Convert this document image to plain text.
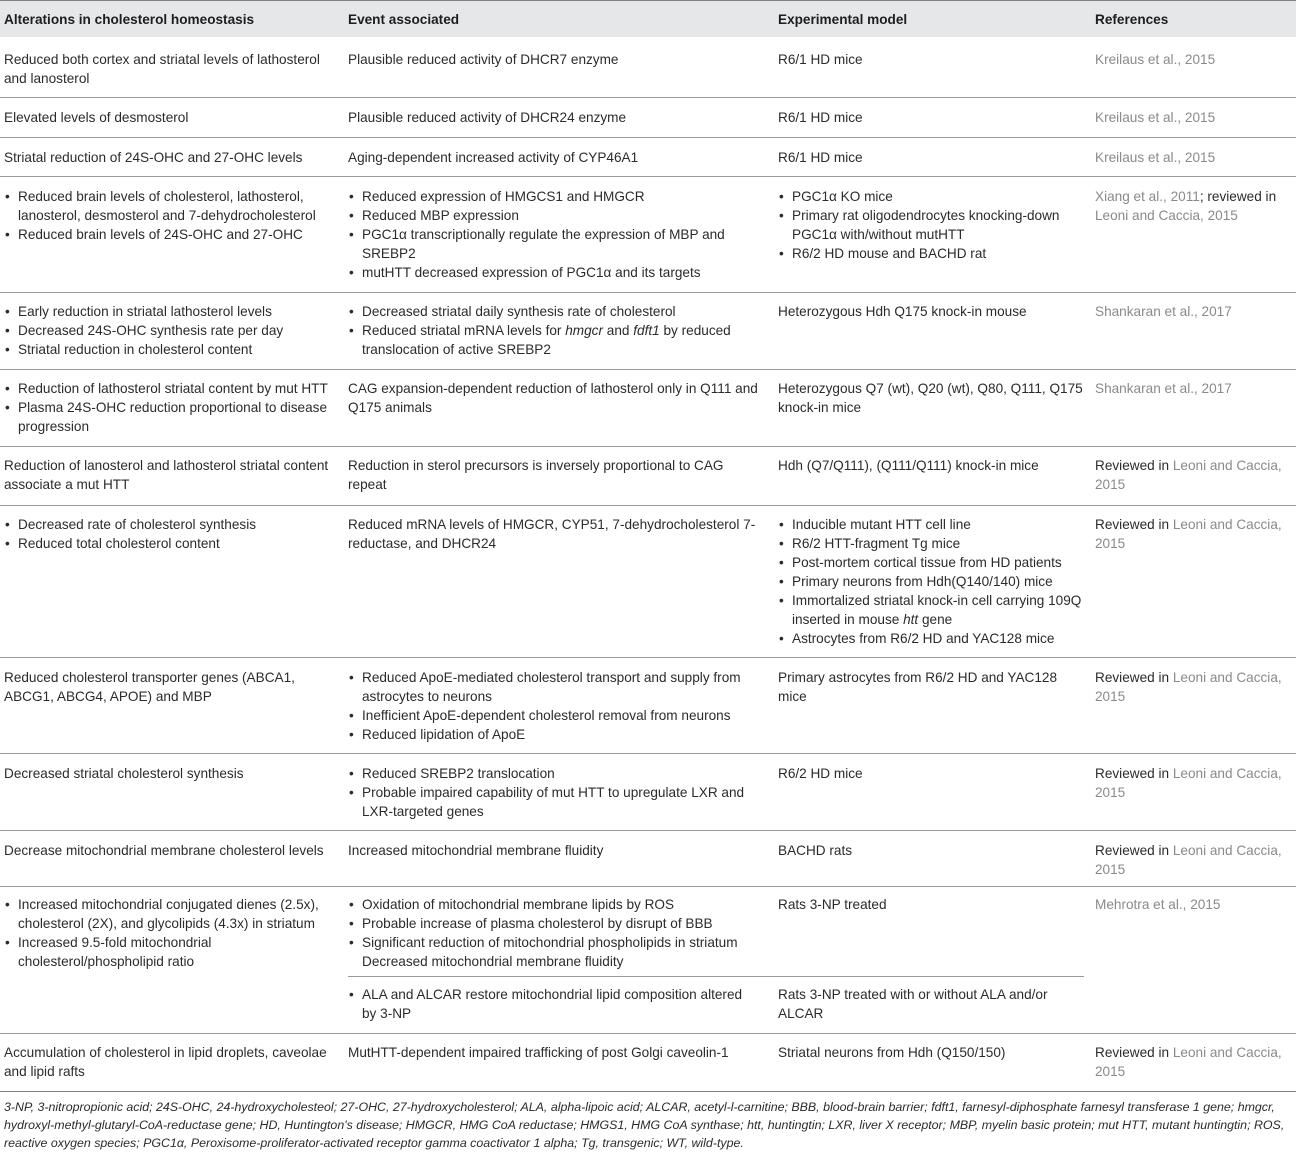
Alterations in cholesterol homeostasis	Event associated	Experimental model	References
Reduced both cortex and striatal levels of lathosterol and lanosterol
Plausible reduced activity of DHCR7 enzyme	R6/1 HD mice	Kreilaus et al., 2015
Elevated levels of desmosterol	Plausible reduced activity of DHCR24 enzyme	R6/1 HD mice	Kreilaus et al., 2015
Striatal reduction of 24S-OHC and 27-OHC levels	Aging-dependent increased activity of CYP46A1	R6/1 HD mice	Kreilaus et al., 2015
• Reduced brain levels of cholesterol, lathosterol, lanosterol, desmosterol and 7-dehydrocholesterol
• Reduced brain levels of 24S-OHC and 27-OHC
• Reduced expression of HMGCS1 and HMGCR
• Reduced MBP expression
• PGC1α transcriptionally regulate the expression of MBP and SREBP2
• mutHTT decreased expression of PGC1α and its targets
• PGC1α KO mice
• Primary rat oligodendrocytes knocking-down PGC1α with/without mutHTT
• R6/2 HD mouse and BACHD rat
Xiang et al., 2011; reviewed in Leoni and Caccia, 2015
• Early reduction in striatal lathosterol levels
• Decreased 24S-OHC synthesis rate per day
• Striatal reduction in cholesterol content
• Decreased striatal daily synthesis rate of cholesterol
• Reduced striatal mRNA levels for hmgcr and fdft1 by reduced translocation of active SREBP2
Heterozygous Hdh Q175 knock-in mouse	Shankaran et al., 2017
• Reduction of lathosterol striatal content by mut HTT
• Plasma 24S-OHC reduction proportional to disease progression
CAG expansion-dependent reduction of lathosterol only in Q111 and Q175 animals
Heterozygous Q7 (wt), Q20 (wt), Q80, Q111, Q175 knock-in mice
Shankaran et al., 2017
Reduction of lanosterol and lathosterol striatal content associate a mut HTT
Reduction in sterol precursors is inversely proportional to CAG repeat
Hdh (Q7/Q111), (Q111/Q111) knock-in mice	Reviewed in Leoni and Caccia, 2015
• Decreased rate of cholesterol synthesis
• Reduced total cholesterol content
Reduced mRNA levels of HMGCR, CYP51, 7-dehydrocholesterol 7-reductase, and DHCR24
• Inducible mutant HTT cell line
• R6/2 HTT-fragment Tg mice
• Post-mortem cortical tissue from HD patients
• Primary neurons from Hdh(Q140/140) mice
• Immortalized striatal knock-in cell carrying 109Q inserted in mouse htt gene
• Astrocytes from R6/2 HD and YAC128 mice
Reviewed in Leoni and Caccia, 2015
Reduced cholesterol transporter genes (ABCA1, ABCG1, ABCG4, APOE) and MBP
• Reduced ApoE-mediated cholesterol transport and supply from astrocytes to neurons
• Inefficient ApoE-dependent cholesterol removal from neurons
• Reduced lipidation of ApoE
Primary astrocytes from R6/2 HD and YAC128 mice
Reviewed in Leoni and Caccia, 2015
Decreased striatal cholesterol synthesis
•	Reduced SREBP2 translocation
• Probable impaired capability of mut HTT to upregulate LXR and LXR-targeted genes
R6/2 HD mice	Reviewed in Leoni and Caccia, 2015
Decrease mitochondrial membrane cholesterol levels	Increased mitochondrial membrane fluidity	BACHD rats	Reviewed in Leoni and Caccia, 2015
• Increased mitochondrial conjugated dienes (2.5x), cholesterol (2X), and glycolipids (4.3x) in striatum
• Increased 9.5-fold mitochondrial cholesterol/phospholipid ratio
• Oxidation of mitochondrial membrane lipids by ROS
• Probable increase of plasma cholesterol by disrupt of BBB
• Significant reduction of mitochondrial phospholipids in striatum Decreased mitochondrial membrane fluidity
Rats 3-NP treated
• ALA and ALCAR restore mitochondrial lipid composition altered by 3-NP
Rats 3-NP treated with or without ALA and/or ALCAR
Mehrotra et al., 2015
Accumulation of cholesterol in lipid droplets, caveolae and lipid rafts
MutHTT-dependent impaired trafficking of post Golgi caveolin-1	Striatal neurons from Hdh (Q150/150)	Reviewed in Leoni and Caccia, 2015
3-NP, 3-nitropropionic acid; 24S-OHC, 24-hydroxycholesteol; 27-OHC, 27-hydroxycholesterol; ALA, alpha-lipoic acid; ALCAR, acetyl-l-carnitine; BBB, blood-brain barrier; fdft1, farnesyl-diphosphate farnesyl transferase 1 gene; hmgcr, hydroxyl-methyl-glutaryl-CoA-reductase gene; HD, Huntington's disease; HMGCR, HMG CoA reductase; HMGS1, HMG CoA synthase; htt, huntingtin; LXR, liver X receptor; MBP, myelin basic protein; mut HTT, mutant huntingtin; ROS, reactive oxygen species; PGC1α, Peroxisome-proliferator-activated receptor gamma coactivator 1 alpha; Tg, transgenic; WT, wild-type.
